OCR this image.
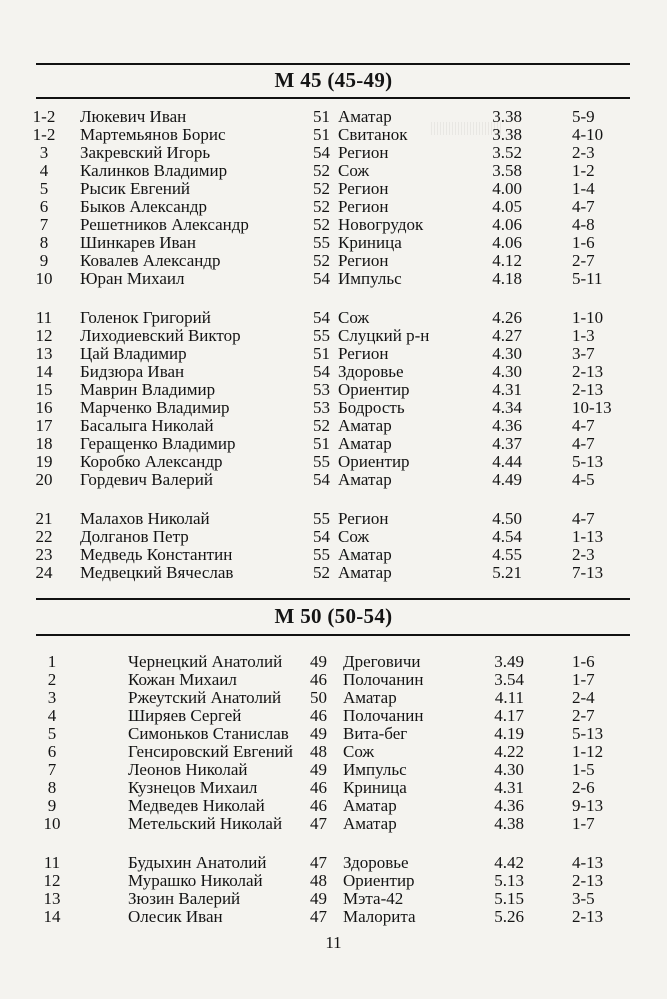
М 45 (45-49)
М 50 (50-54)
||||||||||||||||||||||||
1-2	Люкевич Иван	51 Аматар	3.38	5-9
1-2	Мартемьянов Борис	51 Свитанок	3.38	4-10
3	Закревский Игорь	54 Регион	3.52	2-3
4	Калинков Владимир	52 Сож	3.58	1-2
5	Рысик Евгений	52 Регион	4.00	1-4
6	Быков Александр	52 Регион	4.05	4-7
7	Решетников Александр	52 Новогрудок	4.06	4-8
8	Шинкарев Иван	55 Криница	4.06	1-6
9	Ковалев Александр	52 Регион	4.12	2-7
10	Юран Михаил	54 Импульс	4.18	5-11
11	Голенок Григорий	54 Сож	4.26	1-10
12	Лиходиевский Виктор	55 Слуцкий р-н	4.27	1-3
13	Цай Владимир	51 Регион	4.30	3-7
14	Бидзюра Иван	54 Здоровье	4.30	2-13
15	Маврин Владимир	53 Ориентир	4.31	2-13
16	Марченко Владимир	53 Бодрость	4.34	10-13
17	Басалыга Николай	52 Аматар	4.36	4-7
18	Геращенко Владимир	51 Аматар	4.37	4-7
19	Коробко Александр	55 Ориентир	4.44	5-13
20	Гордевич Валерий	54 Аматар	4.49	4-5
21	Малахов Николай	55 Регион	4.50	4-7
22	Долганов Петр	54 Сож	4.54	1-13
23	Медведь Константин	55 Аматар	4.55	2-3
24	Медвецкий Вячеслав	52 Аматар	5.21	7-13
1	Чернецкий Анатолий	49 Дреговичи	3.49	1-6
2	Кожан Михаил	46 Полочанин	3.54	1-7
3	Ржеутский Анатолий	50 Аматар	4.11	2-4
4	Ширяев Сергей	46 Полочанин	4.17	2-7
5	Симоньков Станислав	49 Вита-бег	4.19	5-13
6	Генсировский Евгений	48 Сож	4.22	1-12
7	Леонов Николай	49 Импульс	4.30	1-5
8	Кузнецов Михаил	46 Криница	4.31	2-6
9	Медведев Николай	46 Аматар	4.36	9-13
10	Метельский Николай	47 Аматар	4.38	1-7
11	Будыхин Анатолий	47 Здоровье	4.42	4-13
12	Мурашко Николай	48 Ориентир	5.13	2-13
13	Зюзин Валерий	49 Мэта-42	5.15	3-5
14	Олесик Иван	47 Малорита	5.26	2-13
11
